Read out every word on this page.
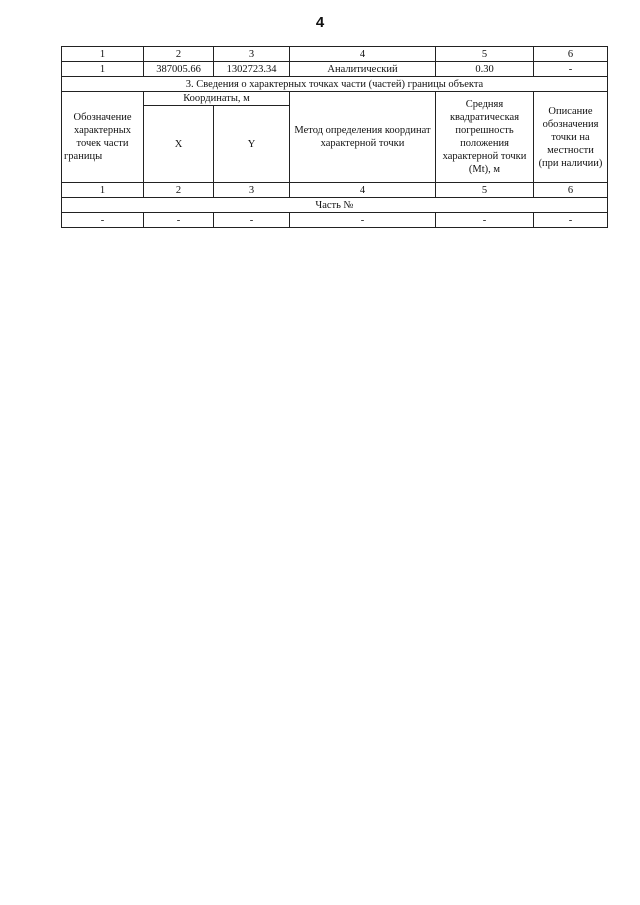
4
1	2	3	4	5	6
1	387005.66	1302723.34	Аналитический	0.30	-
3. Сведения о характерных точках части (частей) границы объекта					
Обозначение характерных точек части границы	Координаты, м		Метод определения координат характерной точки	Средняя квадратическая погрешность положения характерной точки (Mt), м	Описание обозначения точки на местности (при наличии)
	X	Y			
1	2	3	4	5	6
Часть №					
-	-	-	-	-	-
